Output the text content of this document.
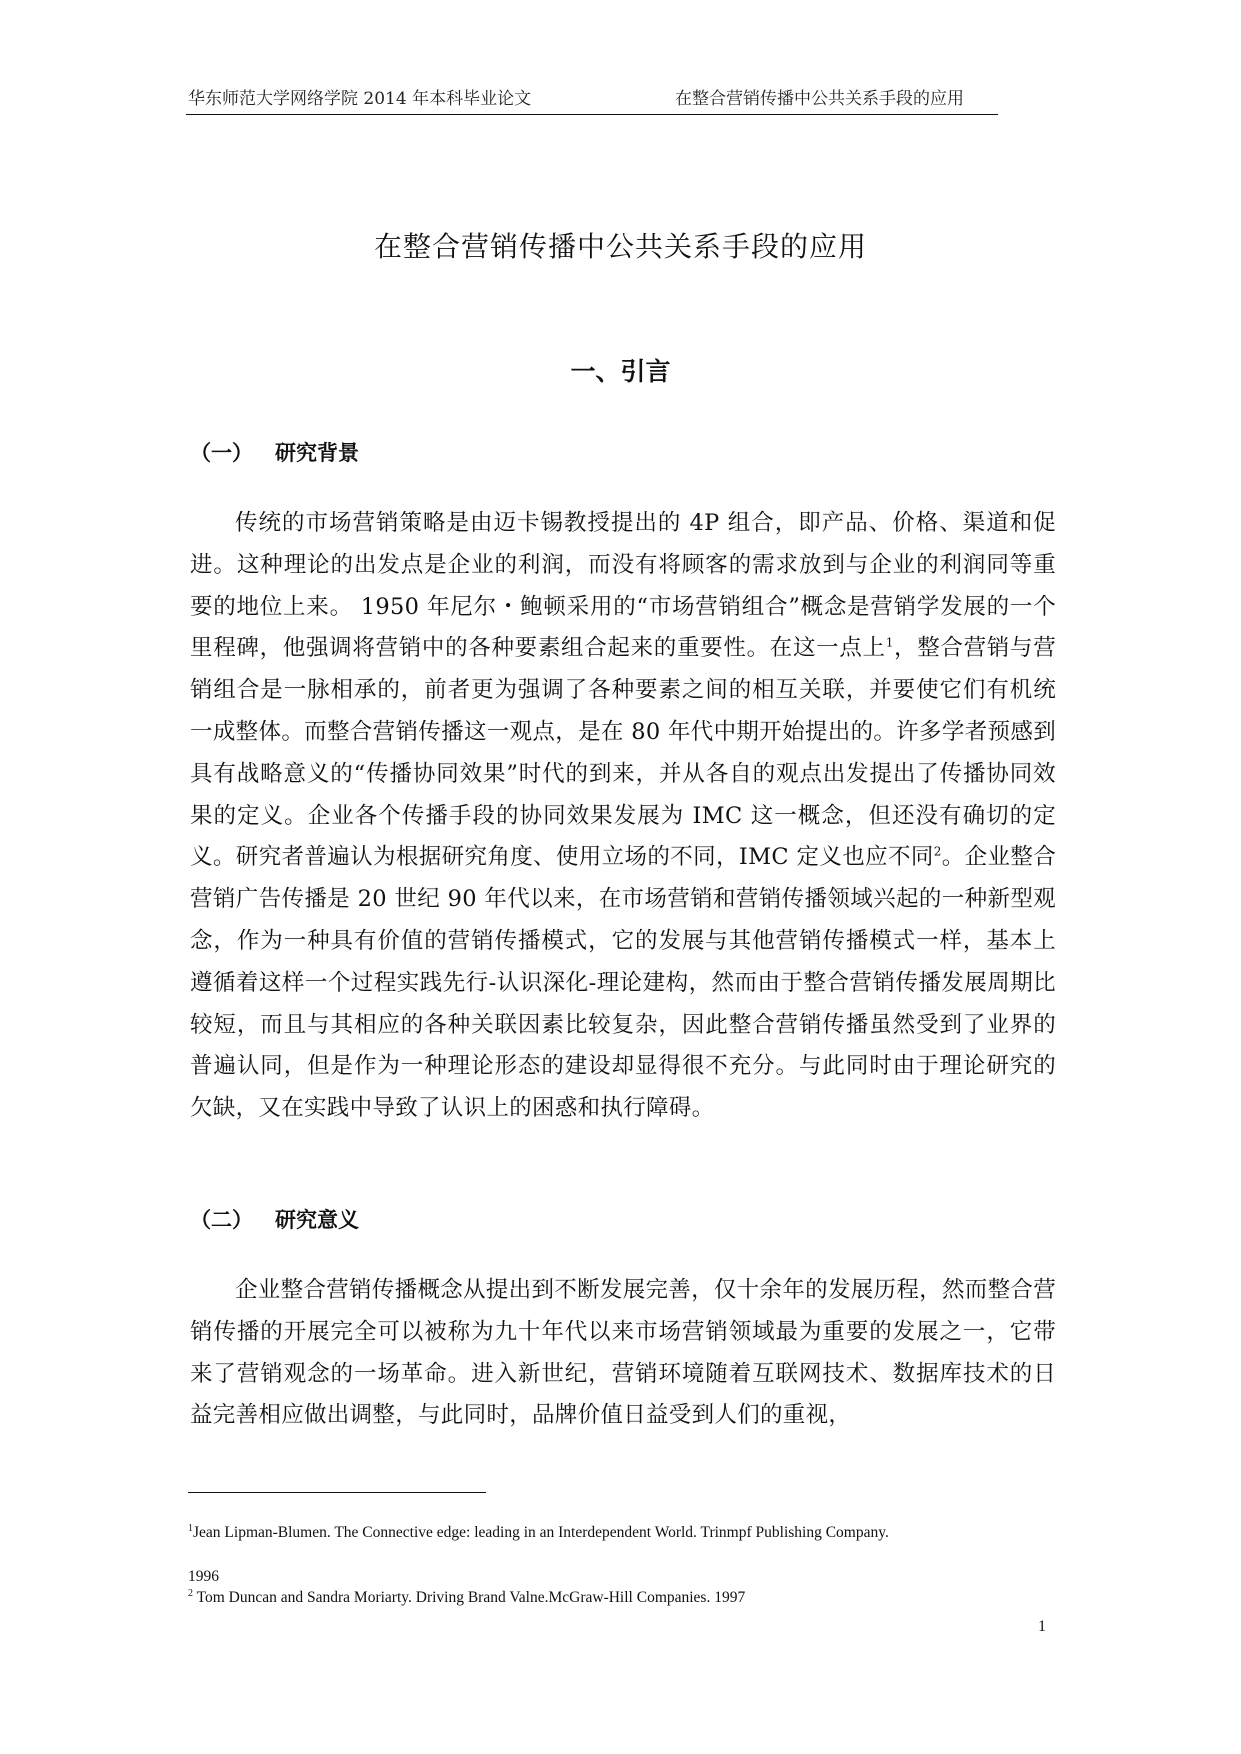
华东师范大学网络学院 2014 年本科毕业论文	在整合营销传播中公共关系手段的应用
在整合营销传播中公共关系手段的应用
一、引言
（一） 研究背景

传统的市场营销策略是由迈卡锡教授提出的 4P 组合，即产品、价格、渠道和促进。这种理论的出发点是企业的利润，而没有将顾客的需求放到与企业的利润同等重要的地位上来。 1950 年尼尔・鲍顿采用的“市场营销组合”概念是营销学发展的一个里程碑，他强调将营销中的各种要素组合起来的重要性。在这一点上$^1$，整合营销与营销组合是一脉相承的，前者更为强调了各种要素之间的相互关联，并要使它们有机统一成整体。而整合营销传播这一观点，是在 80 年代中期开始提出的。许多学者预感到具有战略意义的“传播协同效果”时代的到来，并从各自的观点出发提出了传播协同效果的定义。企业各个传播手段的协同效果发展为 IMC 这一概念，但还没有确切的定义。研究者普遍认为根据研究角度、使用立场的不同，IMC 定义也应不同$^2$。企业整合营销广告传播是 20 世纪 90 年代以来，在市场营销和营销传播领域兴起的一种新型观念，作为一种具有价值的营销传播模式，它的发展与其他营销传播模式一样，基本上遵循着这样一个过程实践先行-认识深化-理论建构，然而由于整合营销传播发展周期比较短，而且与其相应的各种关联因素比较复杂，因此整合营销传播虽然受到了业界的普遍认同，但是作为一种理论形态的建设却显得很不充分。与此同时由于理论研究的欠缺，又在实践中导致了认识上的困惑和执行障碍。

（二） 研究意义

企业整合营销传播概念从提出到不断发展完善，仅十余年的发展历程，然而整合营销传播的开展完全可以被称为九十年代以来市场营销领域最为重要的发展之一，它带来了营销观念的一场革命。进入新世纪，营销环境随着互联网技术、数据库技术的日益完善相应做出调整，与此同时，品牌价值日益受到人们的重视，

$^1$Jean Lipman-Blumen. The Connective edge: leading in an Interdependent World. Trinmpf Publishing Company.
1996
$^2$ Tom Duncan and Sandra Moriarty. Driving Brand Valne.McGraw-Hill Companies. 1997
1
